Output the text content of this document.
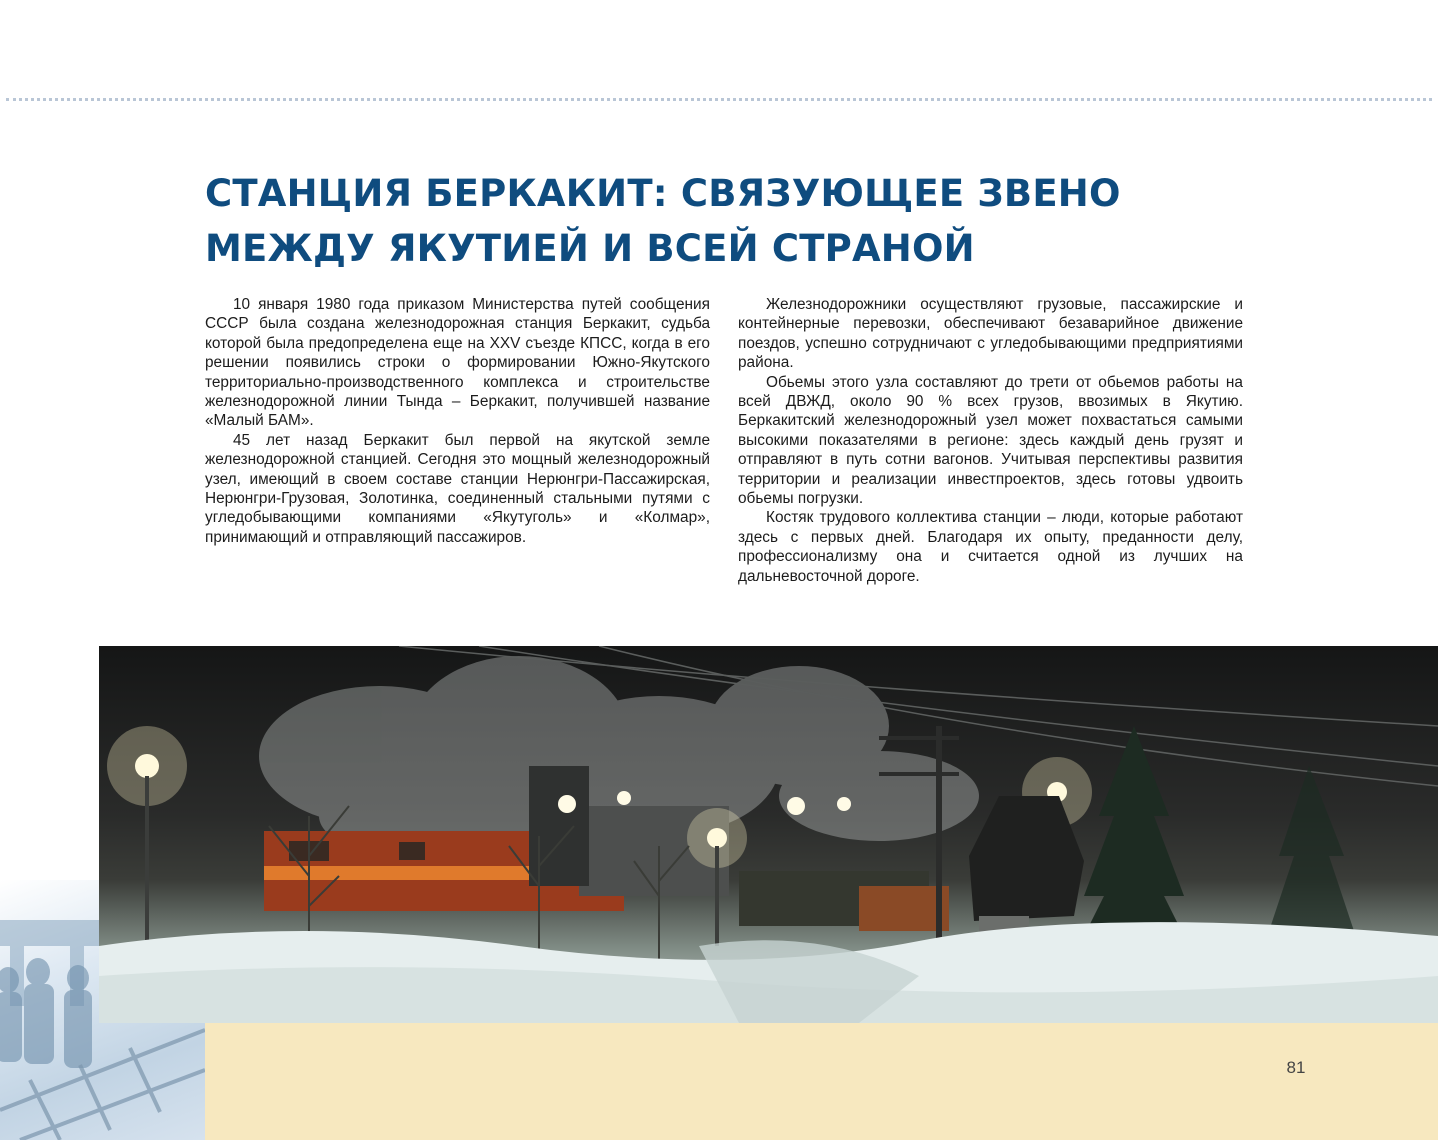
СТАНЦИЯ БЕРКАКИТ: СВЯЗУЮЩЕЕ ЗВЕНО
МЕЖДУ ЯКУТИЕЙ И ВСЕЙ СТРАНОЙ

10 января 1980 года приказом Министерства путей сообщения СССР была создана железнодорожная станция Беркакит, судьба которой была предопределена еще на XXV съезде КПСС, когда в его решении появились строки о формировании Южно-Якутского территориально-производственного комплекса и строительстве железнодорожной линии Тында – Беркакит, получившей название «Малый БАМ».

45 лет назад Беркакит был первой на якутской земле железнодорожной станцией. Сегодня это мощный железнодорожный узел, имеющий в своем составе станции Нерюнгри-Пассажирская, Нерюнгри-Грузовая, Золотинка, соединенный стальными путями с угледобывающими компаниями «Якутуголь» и «Колмар», принимающий и отправляющий пассажиров.

Железнодорожники осуществляют грузовые, пассажирские и контейнерные перевозки, обеспечивают безаварийное движение поездов, успешно сотрудничают с угледобывающими предприятиями района.

Обьемы этого узла составляют до трети от обьемов работы на всей ДВЖД, около 90 % всех грузов, ввозимых в Якутию. Беркакитский железнодорожный узел может похвастаться самыми высокими показателями в регионе: здесь каждый день грузят и отправляют в путь сотни вагонов. Учитывая перспективы развития территории и реализации инвестпроектов, здесь готовы удвоить обьемы погрузки.

Костяк трудового коллектива станции – люди, которые работают здесь с первых дней. Благодаря их опыту, преданности делу, профессионализму она и считается одной из лучших на дальневосточной дороге.

81
